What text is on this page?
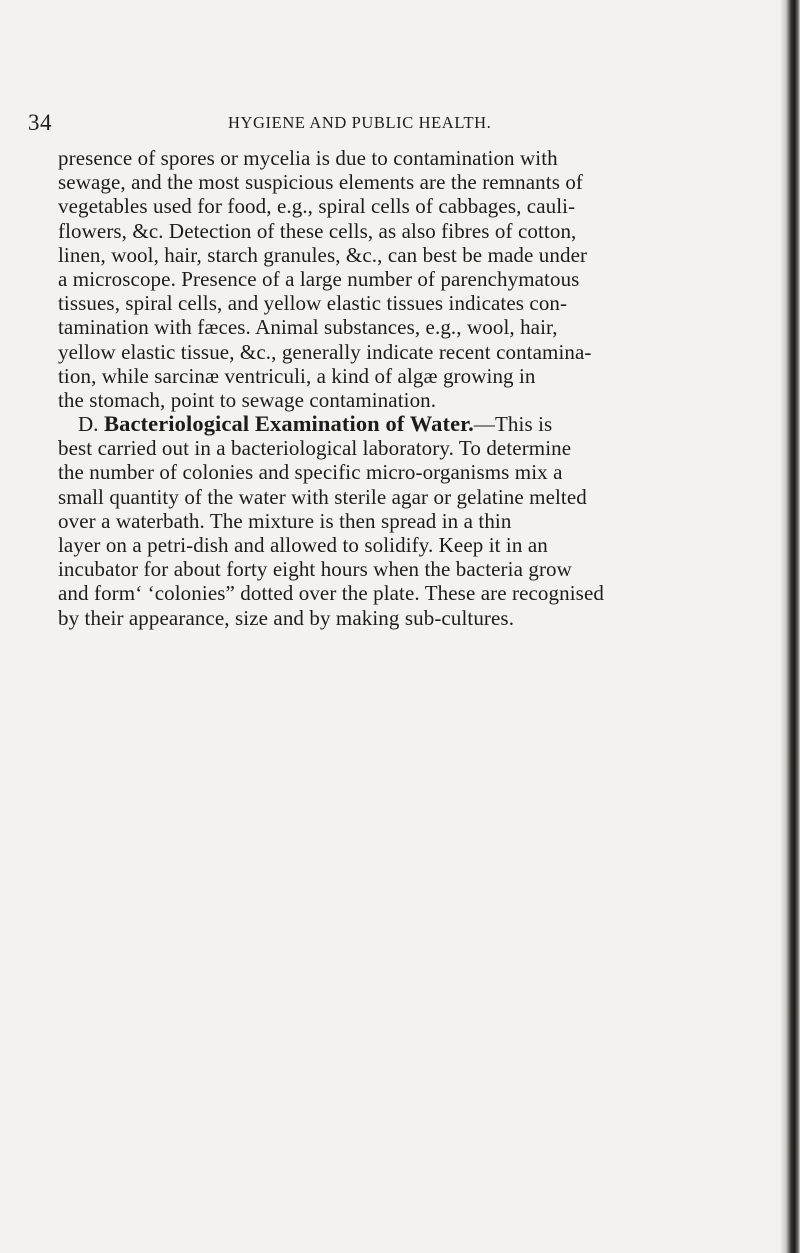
34	HYGIENE AND PUBLIC HEALTH.
presence of spores or mycelia is due to contamination with
sewage, and the most suspicious elements are the remnants of
vegetables used for food, e.g., spiral cells of cabbages, cauli-
flowers, &c. Detection of these cells, as also fibres of cotton,
linen, wool, hair, starch granules, &c., can best be made under
a microscope. Presence of a large number of parenchymatous
tissues, spiral cells, and yellow elastic tissues indicates con-
tamination with fæces. Animal substances, e.g., wool, hair,
yellow elastic tissue, &c., generally indicate recent contamina-
tion, while sarcinæ ventriculi, a kind of algæ growing in
the stomach, point to sewage contamination.
D. Bacteriological Examination of Water.—This is
best carried out in a bacteriological laboratory. To determine
the number of colonies and specific micro-organisms mix a
small quantity of the water with sterile agar or gelatine melted
over a waterbath. The mixture is then spread in a thin
layer on a petri-dish and allowed to solidify. Keep it in an
incubator for about forty eight hours when the bacteria grow
and form‘ ‘colonies” dotted over the plate. These are recognised
by their appearance, size and by making sub-cultures.
